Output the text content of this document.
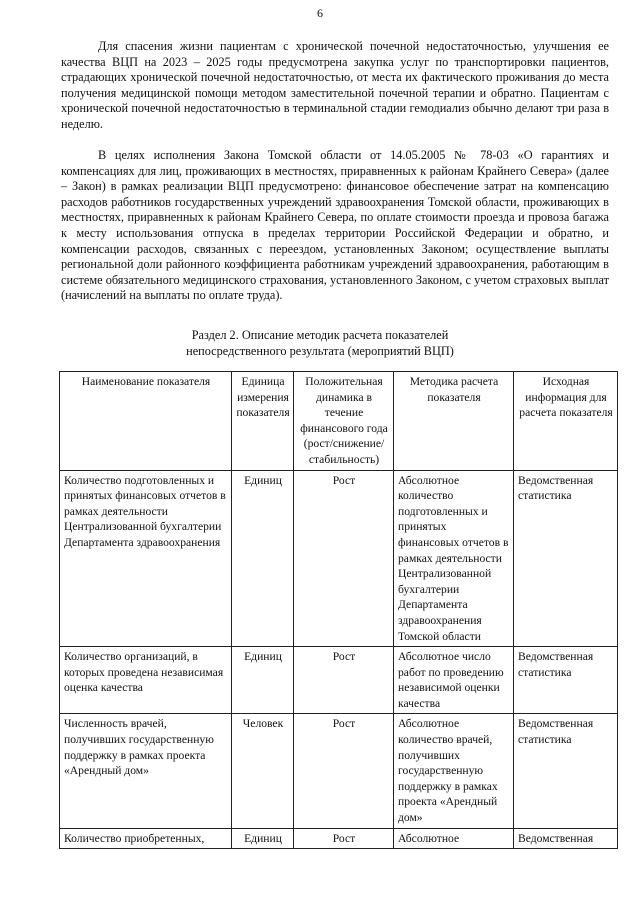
6

Для спасения жизни пациентам с хронической почечной недостаточностью, улучшения ее качества ВЦП на 2023 – 2025 годы предусмотрена закупка услуг по транспортировки пациентов, страдающих хронической почечной недостаточностью, от места их фактического проживания до места получения медицинской помощи методом заместительной почечной терапии и обратно. Пациентам с хронической почечной недостаточностью в терминальной стадии гемодиализ обычно делают три раза в неделю.

В целях исполнения Закона Томской области от 14.05.2005 № 78-03 «О гарантиях и компенсациях для лиц, проживающих в местностях, приравненных к районам Крайнего Севера» (далее – Закон) в рамках реализации ВЦП предусмотрено: финансовое обеспечение затрат на компенсацию расходов работников государственных учреждений здравоохранения Томской области, проживающих в местностях, приравненных к районам Крайнего Севера, по оплате стоимости проезда и провоза багажа к месту использования отпуска в пределах территории Российской Федерации и обратно, и компенсации расходов, связанных с переездом, установленных Законом; осуществление выплаты региональной доли районного коэффициента работникам учреждений здравоохранения, работающим в системе обязательного медицинского страхования, установленного Законом, с учетом страховых выплат (начислений на выплаты по оплате труда).

Раздел 2. Описание методик расчета показателей
непосредственного результата (мероприятий ВЦП)
Наименование показателя	Единица измерения показателя	Положительная динамика в течение финансового года (рост/снижение/ стабильность)	Методика расчета показателя	Исходная информация для расчета показателя
Количество подготовленных и принятых финансовых отчетов в рамках деятельности Централизованной бухгалтерии Департамента здравоохранения	Единиц	Рост	Абсолютное количество подготовленных и принятых финансовых отчетов в рамках деятельности Централизованной бухгалтерии Департамента здравоохранения Томской области	Ведомственная статистика
Количество организаций, в которых проведена независимая оценка качества	Единиц	Рост	Абсолютное число работ по проведению независимой оценки качества	Ведомственная статистика
Численность врачей, получивших государственную поддержку в рамках проекта «Арендный дом»	Человек	Рост	Абсолютное количество врачей, получивших государственную поддержку в рамках проекта «Арендный дом»	Ведомственная статистика
Количество приобретенных,	Единиц	Рост	Абсолютное	Ведомственная
